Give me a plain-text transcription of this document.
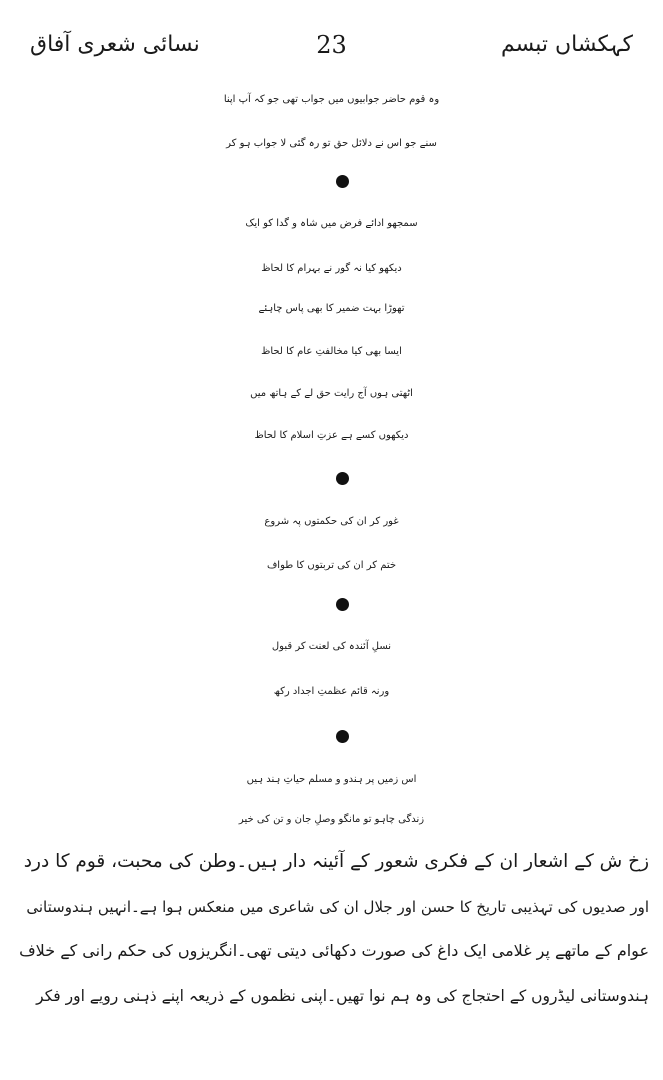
کہکشاں تبسم
23
نسائی شعری آفاق
وہ قوم حاضر جوابیوں میں جواب تھی جو کہ آپ اپنا
سنے جو اس نے دلائل حق تو رہ گئی لا جواب ہو کر
سمجھو ادائے فرض میں شاہ و گدا کو ایک
دیکھو کیا نہ گور نے بہرام کا لحاظ
تھوڑا بہت ضمیر کا بھی پاس چاہئے
ایسا بھی کیا مخالفتِ عام کا لحاظ
اٹھتی ہوں آج رایت حق لے کے ہاتھ میں
دیکھوں کسے ہے عزتِ اسلام کا لحاظ
غور کر ان کی حکمتوں پہ شروع
ختم کر ان کی تربتوں کا طواف
نسلِ آئندہ کی لعنت کر قبول
ورنہ قائم عظمتِ اجداد رکھ
اس زمیں پر ہندو و مسلم حیاتِ ہند ہیں
زندگی چاہو تو مانگو وصلِ جان و تن کی خیر
زخ ش کے اشعار ان کے فکری شعور کے آئینہ دار ہیں۔وطن کی محبت، قوم کا درد
اور صدیوں کی تہذیبی تاریخ کا حسن اور جلال ان کی شاعری میں منعکس ہوا ہے۔انہیں ہندوستانی
عوام کے ماتھے پر غلامی ایک داغ کی صورت دکھائی دیتی تھی۔انگریزوں کی حکم رانی کے خلاف
ہندوستانی لیڈروں کے احتجاج کی وہ ہم نوا تھیں۔اپنی نظموں کے ذریعہ اپنے ذہنی رویے اور فکر
